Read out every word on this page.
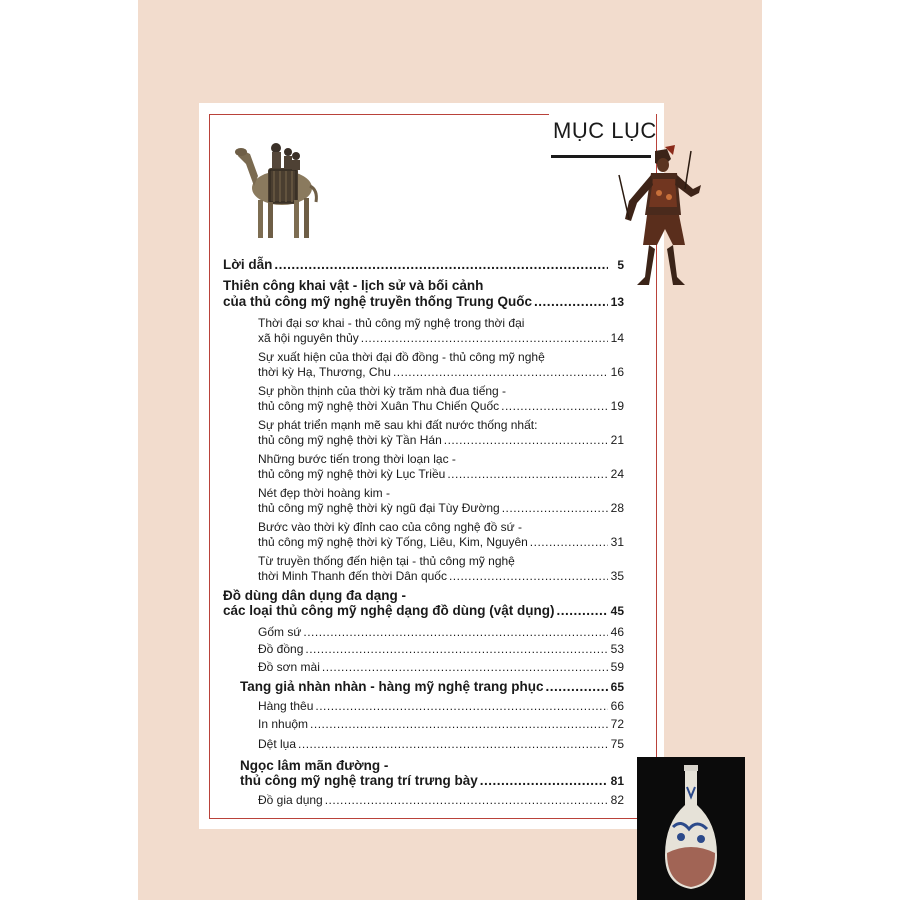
MỤC LỤC
Lời dẫn .....	5
Thiên công khai vật - lịch sử và bối cảnh
của thủ công mỹ nghệ truyền thống Trung Quốc .....	13
Thời đại sơ khai - thủ công mỹ nghệ trong thời đại
xã hội nguyên thủy .....	14
Sự xuất hiện của thời đại đồ đồng - thủ công mỹ nghệ
thời kỳ Hạ, Thương, Chu .....	16
Sự phồn thịnh của thời kỳ trăm nhà đua tiếng -
thủ công mỹ nghệ thời Xuân Thu Chiến Quốc .....	19
Sự phát triển mạnh mẽ sau khi đất nước thống nhất:
thủ công mỹ nghệ thời kỳ Tần Hán .....	21
Những bước tiến trong thời loạn lạc -
thủ công mỹ nghệ thời kỳ Lục Triều .....	24
Nét đẹp thời hoàng kim -
thủ công mỹ nghệ thời kỳ ngũ đại Tùy Đường .....	28
Bước vào thời kỳ đỉnh cao của công nghệ đồ sứ -
thủ công mỹ nghệ thời kỳ Tống, Liêu, Kim, Nguyên .....	31
Từ truyền thống đến hiện tại - thủ công mỹ nghệ
thời Minh Thanh đến thời Dân quốc .....	35
Đồ dùng dân dụng đa dạng -
các loại thủ công mỹ nghệ dạng đồ dùng (vật dụng) .....	45
Gốm sứ .....	46
Đồ đồng .....	53
Đồ sơn mài .....	59
Tang giả nhàn nhàn - hàng mỹ nghệ trang phục .....	65
Hàng thêu .....	66
In nhuộm .....	72
Dệt lụa .....	75
Ngọc lâm mãn đường -
thủ công mỹ nghệ trang trí trưng bày .....	81
Đồ gia dụng .....	82
